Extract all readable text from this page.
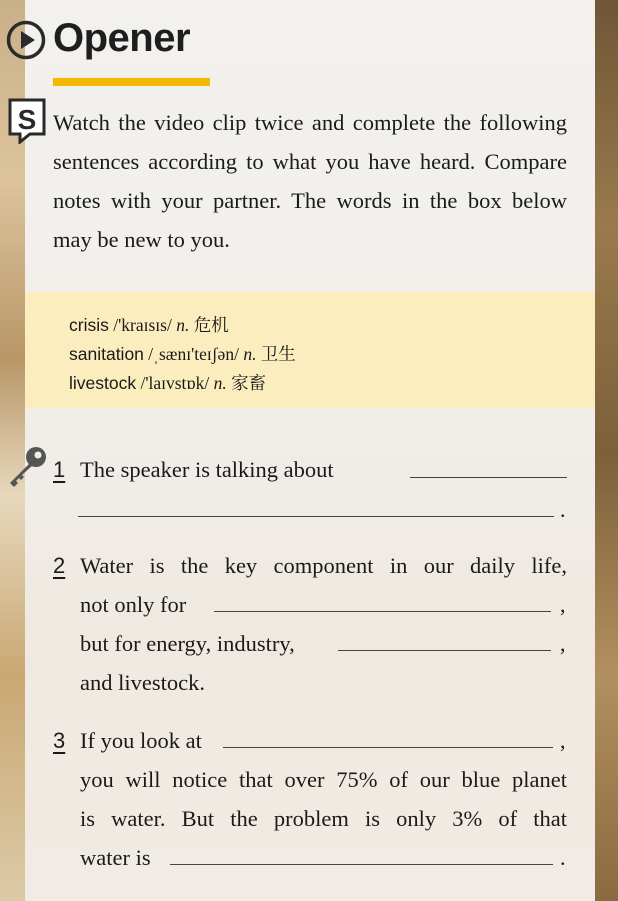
Opener
S Watch the video clip twice and complete the following sentences according to what you have heard. Compare notes with your partner. The words in the box below may be new to you.
crisis /'kraɪsɪs/ n. 危机
sanitation /ˌsænɪ'teɪʃən/ n. 卫生
livestock /'laɪvstɒk/ n. 家畜
1 The speaker is talking about
.
2 Water is the key component in our daily life,
not only for	,
but for energy, industry,	,
and livestock.
3 If you look at	,
you will notice that over 75% of our blue planet
is water. But the problem is only 3% of that
water is	.
